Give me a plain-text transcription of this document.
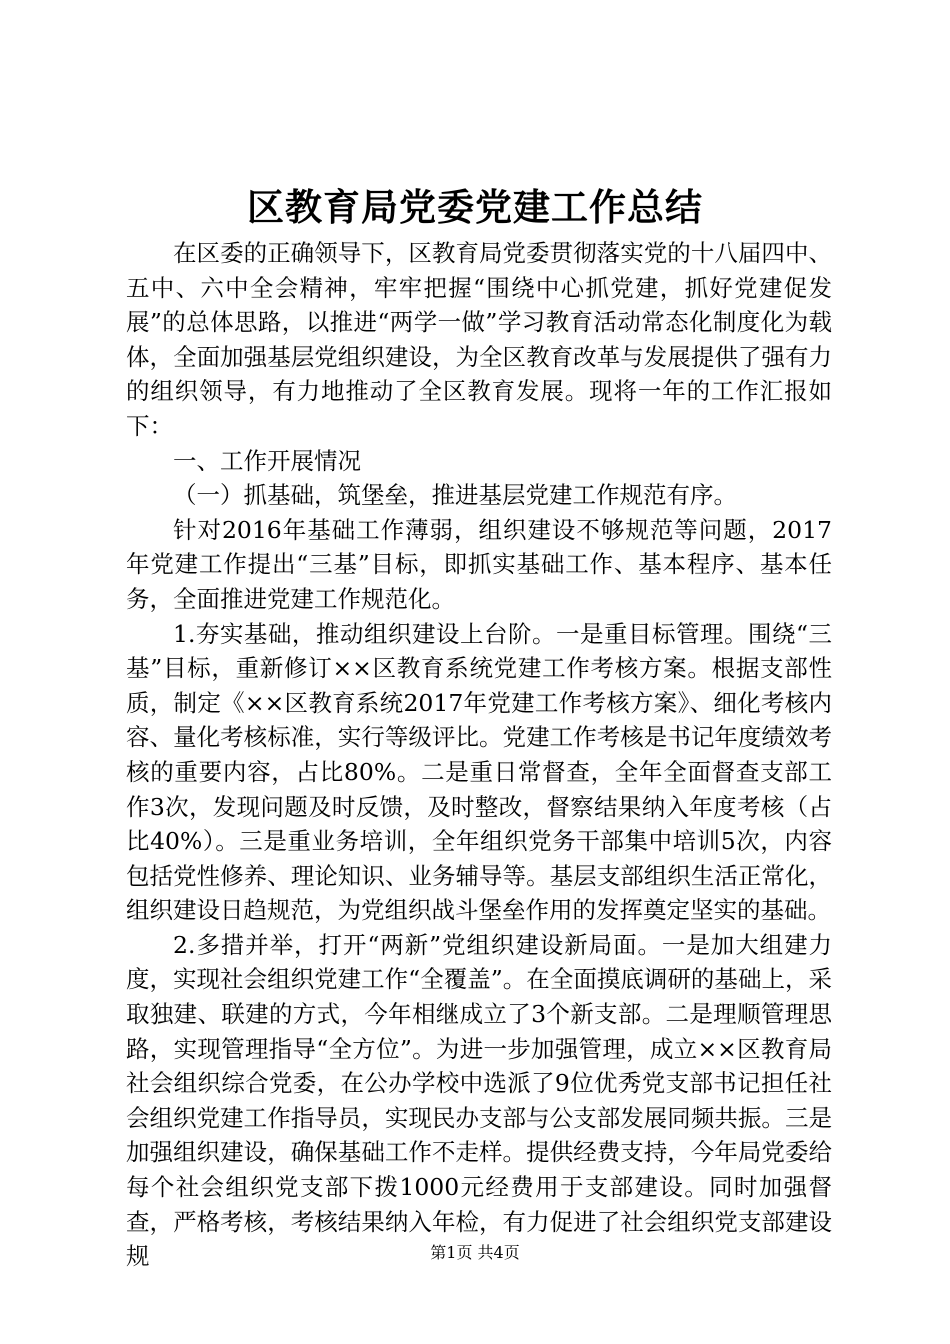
区教育局党委党建工作总结

在区委的正确领导下，区教育局党委贯彻落实党的十八届四中、五中、六中全会精神，牢牢把握“围绕中心抓党建，抓好党建促发展”的总体思路，以推进“两学一做”学习教育活动常态化制度化为载体，全面加强基层党组织建设，为全区教育改革与发展提供了强有力的组织领导，有力地推动了全区教育发展。现将一年的工作汇报如下：

一、工作开展情况

（一）抓基础，筑堡垒，推进基层党建工作规范有序。

针对2016年基础工作薄弱，组织建设不够规范等问题，2017年党建工作提出“三基”目标，即抓实基础工作、基本程序、基本任务，全面推进党建工作规范化。

1.夯实基础，推动组织建设上台阶。一是重目标管理。围绕“三基”目标，重新修订××区教育系统党建工作考核方案。根据支部性质，制定《××区教育系统2017年党建工作考核方案》、细化考核内容、量化考核标准，实行等级评比。党建工作考核是书记年度绩效考核的重要内容，占比80%。二是重日常督查，全年全面督查支部工作3次，发现问题及时反馈，及时整改，督察结果纳入年度考核（占比40%）。三是重业务培训，全年组织党务干部集中培训5次，内容包括党性修养、理论知识、业务辅导等。基层支部组织生活正常化，组织建设日趋规范，为党组织战斗堡垒作用的发挥奠定坚实的基础。

2.多措并举，打开“两新”党组织建设新局面。一是加大组建力度，实现社会组织党建工作“全覆盖”。在全面摸底调研的基础上，采取独建、联建的方式，今年相继成立了3个新支部。二是理顺管理思路，实现管理指导“全方位”。为进一步加强管理，成立××区教育局社会组织综合党委，在公办学校中选派了9位优秀党支部书记担任社会组织党建工作指导员，实现民办支部与公支部发展同频共振。三是加强组织建设，确保基础工作不走样。提供经费支持，今年局党委给每个社会组织党支部下拨1000元经费用于支部建设。同时加强督查，严格考核，考核结果纳入年检，有力促进了社会组织党支部建设规	第1页 共4页
